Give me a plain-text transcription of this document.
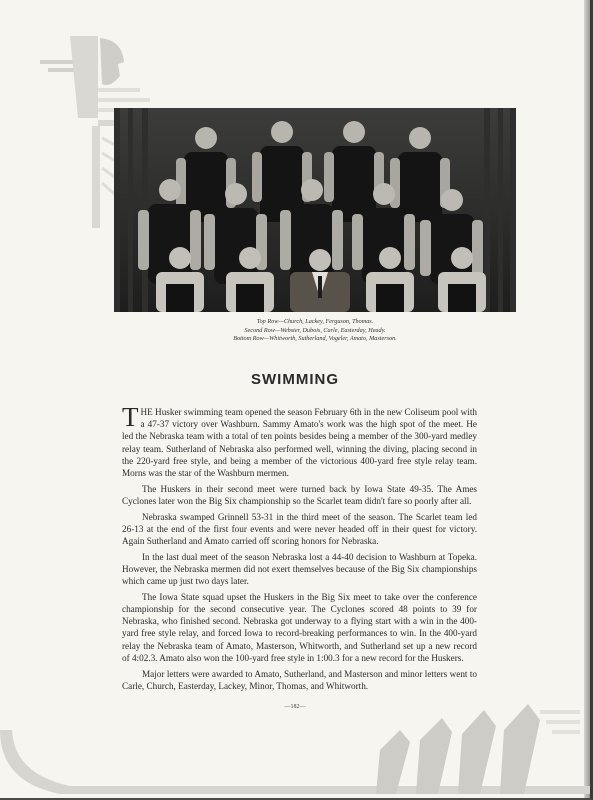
Top Row—Church, Lackey, Ferguson, Thomas.
Second Row—Webster, Dubois, Carle, Easterday, Heady.
Bottom Row—Whitworth, Sutherland, Vogeler, Amato, Masterson.
SWIMMING

THE Husker swimming team opened the season February 6th in the new Coliseum pool with a 47-37 victory over Washburn. Sammy Amato's work was the high spot of the meet. He led the Nebraska team with a total of ten points besides being a member of the 300-yard medley relay team. Sutherland of Nebraska also performed well, winning the diving, placing second in the 220-yard free style, and being a member of the victorious 400-yard free style relay team. Morns was the star of the Washburn mermen.

The Huskers in their second meet were turned back by Iowa State 49-35. The Ames Cyclones later won the Big Six championship so the Scarlet team didn't fare so poorly after all.

Nebraska swamped Grinnell 53-31 in the third meet of the season. The Scarlet team led 26-13 at the end of the first four events and were never headed off in their quest for victory. Again Sutherland and Amato carried off scoring honors for Nebraska.

In the last dual meet of the season Nebraska lost a 44-40 decision to Washburn at Topeka. However, the Nebraska mermen did not exert themselves because of the Big Six championships which came up just two days later.

The Iowa State squad upset the Huskers in the Big Six meet to take over the conference championship for the second consecutive year. The Cyclones scored 48 points to 39 for Nebraska, who finished second. Nebraska got underway to a flying start with a win in the 400-yard free style relay, and forced Iowa to record-breaking performances to win. In the 400-yard relay the Nebraska team of Amato, Masterson, Whitworth, and Sutherland set up a new record of 4:02.3. Amato also won the 100-yard free style in 1:00.3 for a new record for the Huskers.

Major letters were awarded to Amato, Sutherland, and Masterson and minor letters went to Carle, Church, Easterday, Lackey, Minor, Thomas, and Whitworth.

—182—
